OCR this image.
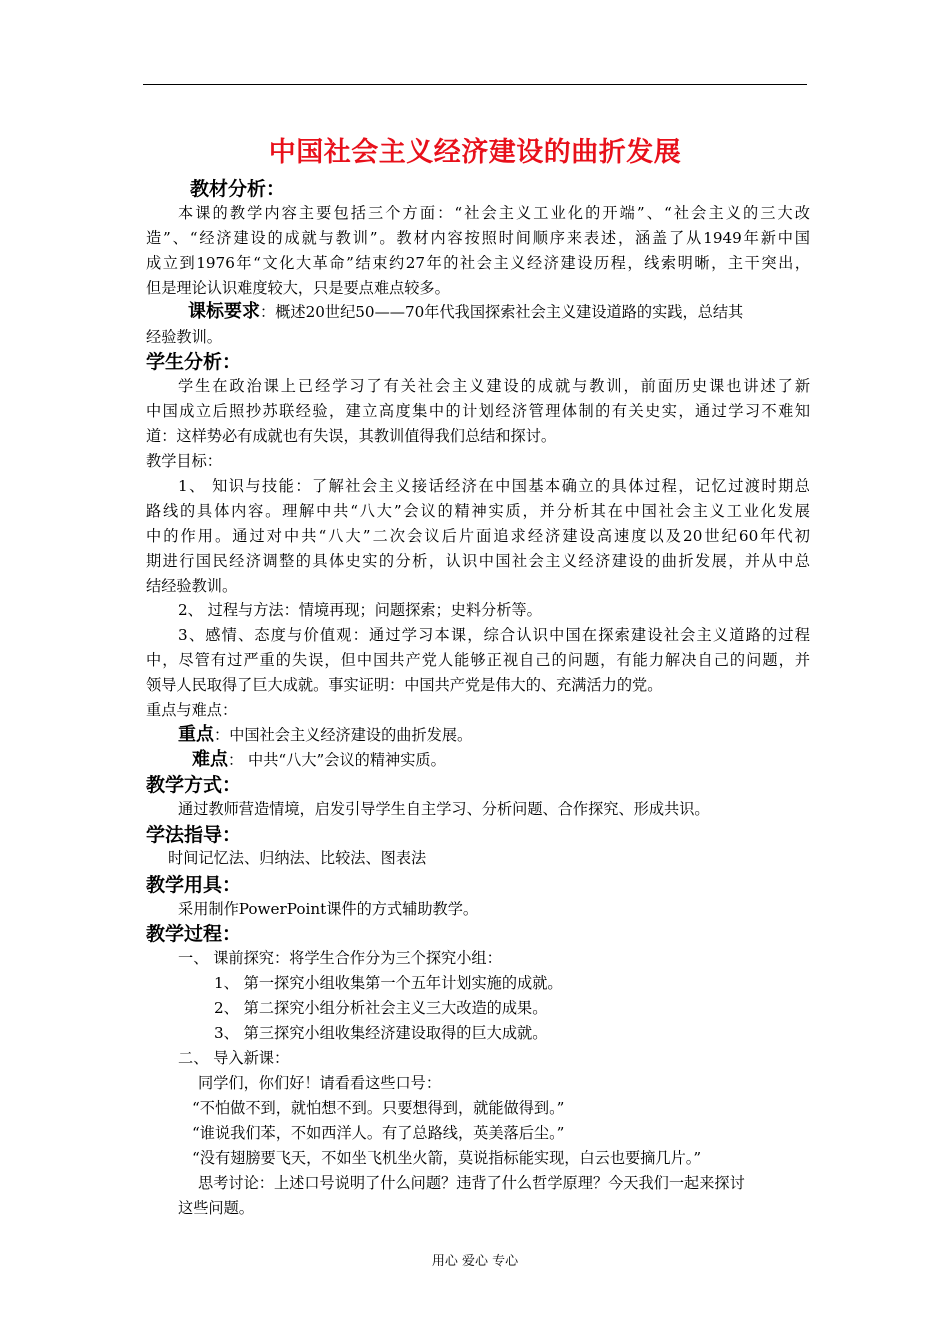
中国社会主义经济建设的曲折发展
教材分析：
本课的教学内容主要包括三个方面：“社会主义工业化的开端”、“社会主义的三大改
造”、“经济建设的成就与教训”。教材内容按照时间顺序来表述，涵盖了从1949年新中国
成立到1976年“文化大革命”结束约27年的社会主义经济建设历程，线索明晰，主干突出，
但是理论认识难度较大，只是要点难点较多。
课标要求：概述20世纪50——70年代我国探索社会主义建设道路的实践，总结其
经验教训。
学生分析：
学生在政治课上已经学习了有关社会主义建设的成就与教训，前面历史课也讲述了新
中国成立后照抄苏联经验，建立高度集中的计划经济管理体制的有关史实，通过学习不难知
道：这样势必有成就也有失误，其教训值得我们总结和探讨。
教学目标：
1、 知识与技能：了解社会主义接话经济在中国基本确立的具体过程，记忆过渡时期总
路线的具体内容。理解中共“八大”会议的精神实质，并分析其在中国社会主义工业化发展
中的作用。通过对中共“八大”二次会议后片面追求经济建设高速度以及20世纪60年代初
期进行国民经济调整的具体史实的分析，认识中国社会主义经济建设的曲折发展，并从中总
结经验教训。
2、 过程与方法：情境再现；问题探索；史料分析等。
3、感情、态度与价值观：通过学习本课，综合认识中国在探索建设社会主义道路的过程
中，尽管有过严重的失误，但中国共产党人能够正视自己的问题，有能力解决自己的问题，并
领导人民取得了巨大成就。事实证明：中国共产党是伟大的、充满活力的党。
重点与难点：
重点：中国社会主义经济建设的曲折发展。
难点： 中共“八大”会议的精神实质。
教学方式：
通过教师营造情境，启发引导学生自主学习、分析问题、合作探究、形成共识。
学法指导：
时间记忆法、归纳法、比较法、图表法
教学用具：
采用制作PowerPoint课件的方式辅助教学。
教学过程：
一、 课前探究：将学生合作分为三个探究小组：
1、 第一探究小组收集第一个五年计划实施的成就。
2、 第二探究小组分析社会主义三大改造的成果。
3、 第三探究小组收集经济建设取得的巨大成就。
二、 导入新课：
同学们，你们好！请看看这些口号：
“不怕做不到，就怕想不到。只要想得到，就能做得到。”
“谁说我们苯，不如西洋人。有了总路线，英美落后尘。”
“没有翅膀要飞天，不如坐飞机坐火箭，莫说指标能实现，白云也要摘几片。”
思考讨论：上述口号说明了什么问题？违背了什么哲学原理？今天我们一起来探讨
这些问题。
用心 爱心 专心
